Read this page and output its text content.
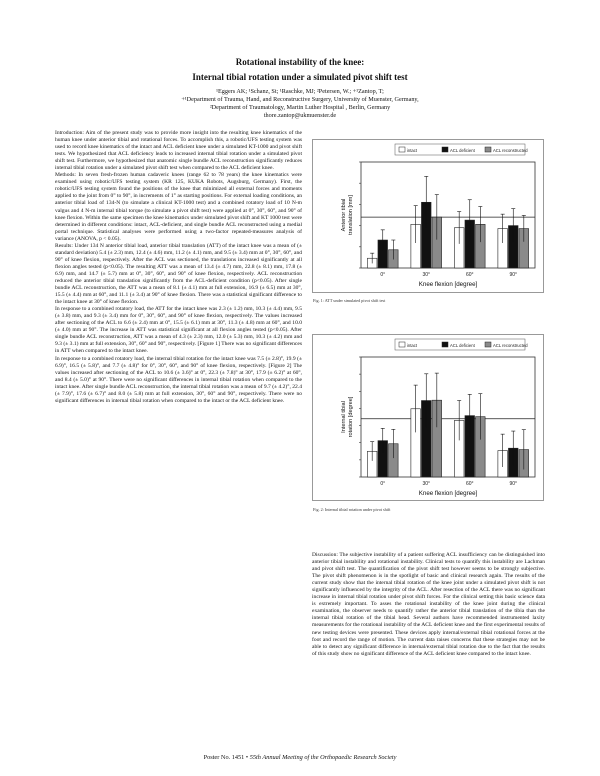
Rotational instability of the knee:
Internal tibial rotation under a simulated pivot shift test
¹Eggers AK; ¹Schanz, St; ¹Raschke, MJ; ²Petersen, W.; +¹Zantop, T;
+¹Department of Trauma, Hand, and Reconstructive Surgery, University of Muenster, Germany,
²Department of Traumatology, Martin Luther Hospital , Berlin, Germany
thore.zantop@ukmuenster.de

Introduction: Aim of the present study was to provide more insight into the resulting knee kinematics of the human knee under anterior tibial and rotational forces. To accomplish this, a robotic/UFS testing system was used to record knee kinematics of the intact and ACL deficient knee under a simulated KT-1000 and pivot shift tests. We hypothesized that ACL deficiency leads to increased internal tibial rotation under a simulated pivot shift test. Furthermore, we hypothesized that anatomic single bundle ACL reconstruction significantly reduces internal tibial rotation under a simulated pivot shift test when compared to the ACL deficient knee.

Methods: In seven fresh-frozen human cadaveric knees (range 62 to 78 years) the knee kinematics were examined using robotic/UFS testing system (KR 125, KUKA Robots, Augsburg, Germany). First, the robotic/UFS testing system found the positions of the knee that minimized all external forces and moments applied to the joint from 0° to 90°, in increments of 1° as starting positions. For external loading conditions, an anterior tibial load of 134-N (to simulate a clinical KT-1000 test) and a combined rotatory load of 10 N-m valgus and 4 N-m internal tibial torque (to simulate a pivot shift test) were applied at 0°, 30°, 60°, and 90° of knee flexion. Within the same specimen the knee kinematics under simulated pivot shift and KT 1000 test were determined in different conditions: intact, ACL-deficient, and single bundle ACL reconstructed using a medial portal technique. Statistical analyses were performed using a two-factor repeated-measures analysis of variance (ANOVA, p < 0.05).

Results: Under 134 N anterior tibial load, anterior tibial translation (ATT) of the intact knee was a mean of (± standard deviation) 5.4 (± 2.3) mm, 12.4 (± 4.6) mm, 11.2 (± 4.1) mm, and 9.5 (± 3.4) mm at 0°, 30°, 60°, and 90° of knee flexion, respectively. After the ACL was sectioned, the translations increased significantly at all flexion angles tested (p<0.05). The resulting ATT was a mean of 13.4 (± 4.7) mm, 22.8 (± 8.1) mm, 17.8 (± 6.9) mm, and 14.7 (± 5.7) mm at 0°, 30°, 60°, and 90° of knee flexion, respectively. ACL reconstruction reduced the anterior tibial translation significantly from the ACL-deficient condition (p<0.05). After single bundle ACL reconstruction, the ATT was a mean of 8.1 (± 4.1) mm at full extension, 16.9 (± 6.5) mm at 30°, 15.5 (± 4.4) mm at 60°, and 11.1 (± 3.4) at 90° of knee flexion. There was a statistical significant difference to the intact knee at 30° of knee flexion.

In response to a combined rotatory load, the ATT for the intact knee was 2.3 (± 1.2) mm, 10.3 (± 4.4) mm, 9.5 (± 3.8) mm, and 9.3 (± 3.4) mm for 0°, 30°, 60°, and 90° of knee flexion, respectively. The values increased after sectioning of the ACL to 6.6 (± 2.4) mm at 0°, 15.5 (± 6.1) mm at 30°, 11.3 (± 4.8) mm at 60°, and 10.0 (± 4.0) mm at 90°. The increase in ATT was statistical significant at all flexion angles tested (p<0.05). After single bundle ACL reconstruction, ATT was a mean of 4.3 (± 2.3) mm, 12.0 (± 5.3) mm, 10.3 (± 4.2) mm and 9.3 (± 3.1) mm at full extension, 30°, 60° and 90°, respectively. [Figure 1] There was no significant differences in ATT when compared to the intact knee.

In response to a combined rotatory load, the internal tibial rotation for the intact knee was 7.5 (± 2.8)°, 19.9 (± 6.9)°, 16.5 (± 5.8)°, and 7.7 (± 4.8)° for 0°, 30°, 60°, and 90° of knee flexion, respectively. [Figure 2] The values increased after sectioning of the ACL to 10.6 (± 3.6)° at 0°, 22.3 (± 7.8)° at 30°, 17.9 (± 6.2)° at 60°, and 8.4 (± 5.0)° at 90°. There were no significant differences in internal tibial rotation when compared to the intact knee. After single bundle ACL reconstruction, the internal tibial rotation was a mean of 9.7 (± 4.2)°, 22.4 (± 7.9)°, 17.6 (± 6.7)° and 8.0 (± 5.8) mm at full extension, 30°, 60° and 90°, respectively. There were no significant differences in internal tibial rotation when compared to the intact or the ACL deficient knee.

intact	ACL deficient	ACL reconstructed
0°	30°	60°	90°
Knee flexion [degree]
Anterior tibialtranslation [mm]
Fig. 1: ATT under simulated pivot shift test
intact	ACL deficient	ACL reconstructed
0°	30°	60°	90°
Knee flexion [degree]
Internal tibialrotation [degree]
Fig. 2: Internal tibial rotation under pivot shift

Discussion: The subjective instability of a patient suffering ACL insufficiency can be distinguished into anterior tibial instability and rotational instability. Clinical tests to quantify this instability are Lachman and pivot shift test. The quantification of the pivot shift test however seems to be strongly subjective. The pivot shift phenomenon is in the spotlight of basic and clinical research again. The results of the current study show that the internal tibial rotation of the knee joint under a simulated pivot shift is not significantly influenced by the integrity of the ACL. After resection of the ACL there was no significant increase in internal tibial rotation under pivot shift forces. For the clinical setting this basic science data is extremely important. To asses the rotational instability of the knee joint during the clinical examination, the observer needs to quantify rather the anterior tibial translation of the tibia than the internal tibial rotation of the tibial head. Several authors have recommended instrumented laxity measurements for the rotational instability of the ACL deficient knee and the first experimental results of new testing devices were presented. These devices apply internal/external tibial rotational forces at the foot and record the range of motion. The current data raises concerns that these strategies may not be able to detect any significant difference in internal/external tibial rotation due to the fact that the results of this study show no significant difference of the ACL deficient knee compared to the intact knee.

Poster No. 1451 • 55th Annual Meeting of the Orthopaedic Research Society
